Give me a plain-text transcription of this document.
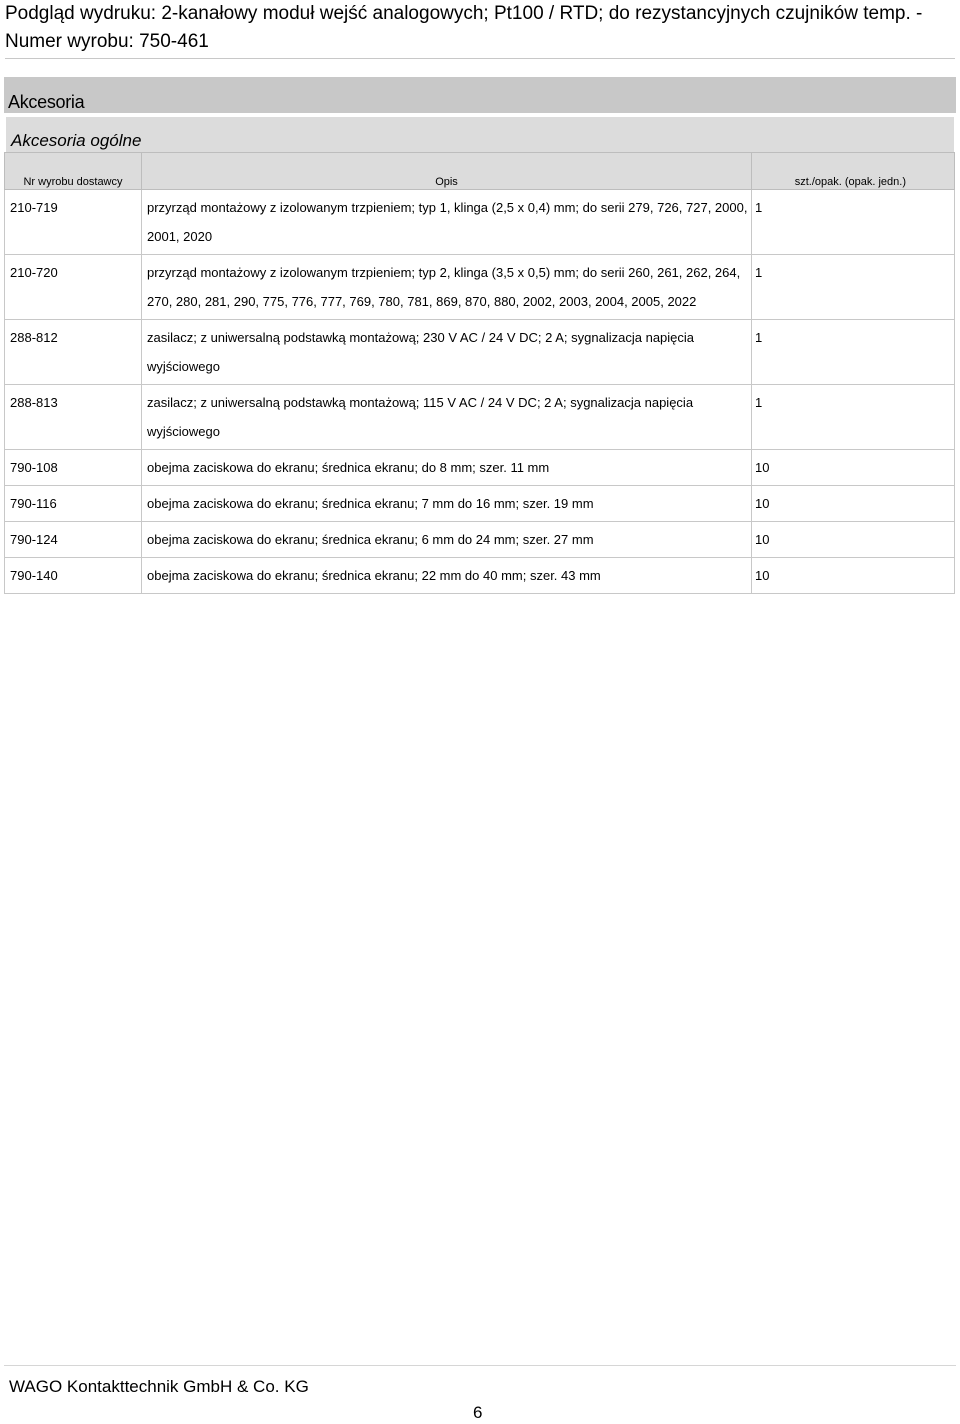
Podgląd wydruku: 2-kanałowy moduł wejść analogowych; Pt100 / RTD; do rezystancyjnych czujników temp. - Numer wyrobu: 750-461
Akcesoria
Akcesoria ogólne
Nr wyrobu dostawcy	Opis	szt./opak. (opak. jedn.)
210-719	przyrząd montażowy z izolowanym trzpieniem; typ 1, klinga (2,5 x 0,4) mm; do serii 279, 726, 727, 2000, 2001, 2020	1
210-720	przyrząd montażowy z izolowanym trzpieniem; typ 2, klinga (3,5 x 0,5) mm; do serii 260, 261, 262, 264, 270, 280, 281, 290, 775, 776, 777, 769, 780, 781, 869, 870, 880, 2002, 2003, 2004, 2005, 2022	1
288-812	zasilacz; z uniwersalną podstawką montażową; 230 V AC / 24 V DC; 2 A; sygnalizacja napięcia wyjściowego	1
288-813	zasilacz; z uniwersalną podstawką montażową; 115 V AC / 24 V DC; 2 A; sygnalizacja napięcia wyjściowego	1
790-108	obejma zaciskowa do ekranu; średnica ekranu; do 8 mm; szer. 11 mm	10
790-116	obejma zaciskowa do ekranu; średnica ekranu; 7 mm do 16 mm; szer. 19 mm	10
790-124	obejma zaciskowa do ekranu; średnica ekranu; 6 mm do 24 mm; szer. 27 mm	10
790-140	obejma zaciskowa do ekranu; średnica ekranu; 22 mm do 40 mm; szer. 43 mm	10
WAGO Kontakttechnik GmbH & Co. KG
6
